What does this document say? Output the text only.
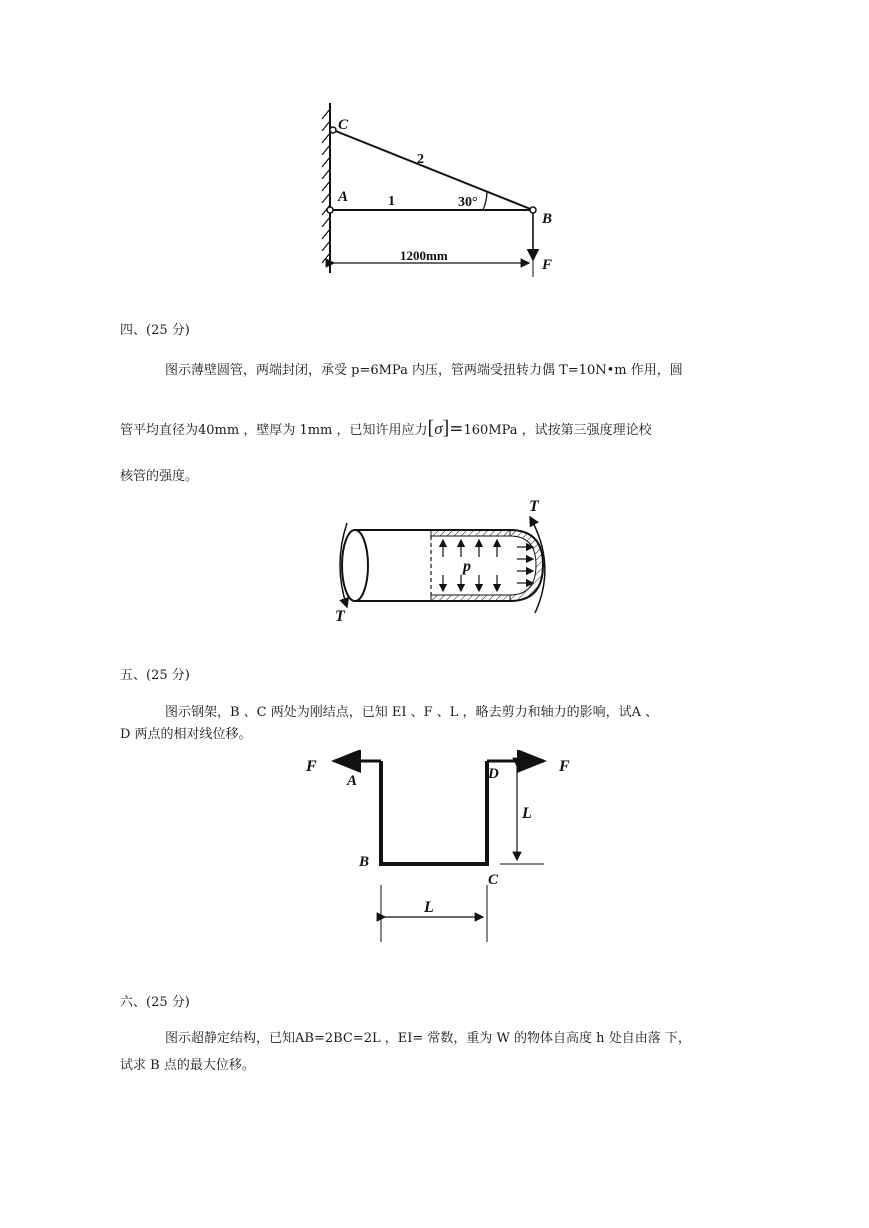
C
A
B
F
1
2
30°
1200mm
四、(25 分)
图示薄壁圆管，两端封闭，承受 p=6MPa 内压，管两端受扭转力偶 T=10N•m 作用，圆
管平均直径为40mm ，壁厚为 1mm ，已知许用应力[σ]=160MPa ，试按第三强度理论校
核管的强度。
T
T
p
五、(25 分)
图示钢架，B 、C 两处为刚结点，已知 EI 、F 、L ，略去剪力和轴力的影响，试A 、
D 两点的相对线位移。
F	F
A	D
B
C
L
L
六、(25 分)
图示超静定结构，已知AB=2BC=2L ，EI= 常数，重为 W 的物体自高度 h 处自由落 下，
试求 B 点的最大位移。
